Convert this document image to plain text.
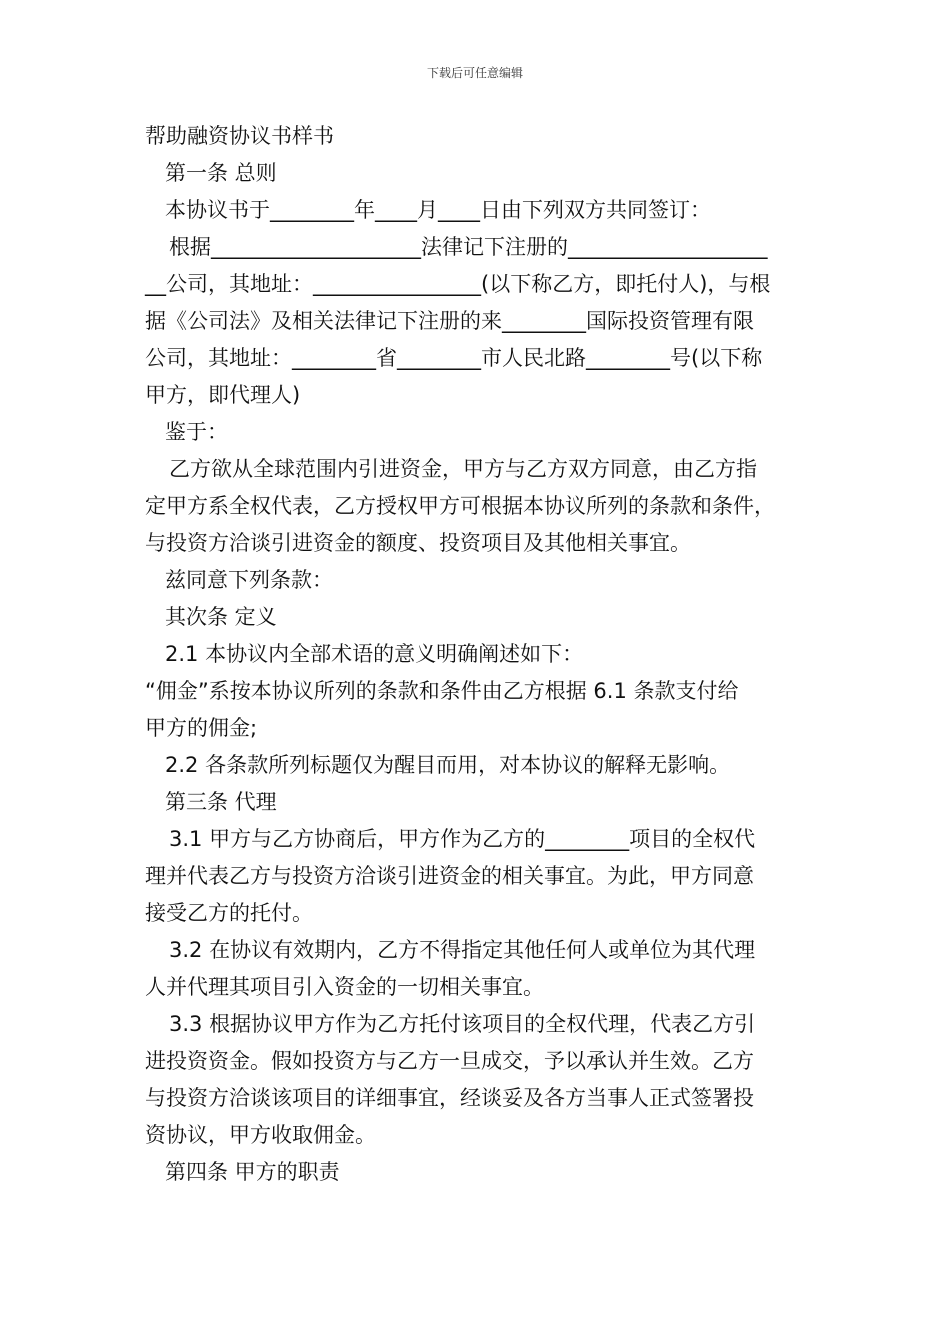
下载后可任意编辑
帮助融资协议书样书
第一条 总则
本协议书于________年____月____日由下列双方共同签订：
根据____________________法律记下注册的___________________
__公司，其地址：________________(以下称乙方，即托付人)，与根
据《公司法》及相关法律记下注册的来________国际投资管理有限
公司，其地址：________省________市人民北路________号(以下称
甲方，即代理人)
鉴于：
乙方欲从全球范围内引进资金，甲方与乙方双方同意，由乙方指
定甲方系全权代表，乙方授权甲方可根据本协议所列的条款和条件，
与投资方洽谈引进资金的额度、投资项目及其他相关事宜。
兹同意下列条款：
其次条 定义
2.1 本协议内全部术语的意义明确阐述如下：
“佣金”系按本协议所列的条款和条件由乙方根据 6.1 条款支付给
甲方的佣金;
2.2 各条款所列标题仅为醒目而用，对本协议的解释无影响。
第三条 代理
3.1 甲方与乙方协商后，甲方作为乙方的________项目的全权代
理并代表乙方与投资方洽谈引进资金的相关事宜。为此，甲方同意
接受乙方的托付。
3.2 在协议有效期内，乙方不得指定其他任何人或单位为其代理
人并代理其项目引入资金的一切相关事宜。
3.3 根据协议甲方作为乙方托付该项目的全权代理，代表乙方引
进投资资金。假如投资方与乙方一旦成交，予以承认并生效。乙方
与投资方洽谈该项目的详细事宜，经谈妥及各方当事人正式签署投
资协议，甲方收取佣金。
第四条 甲方的职责
